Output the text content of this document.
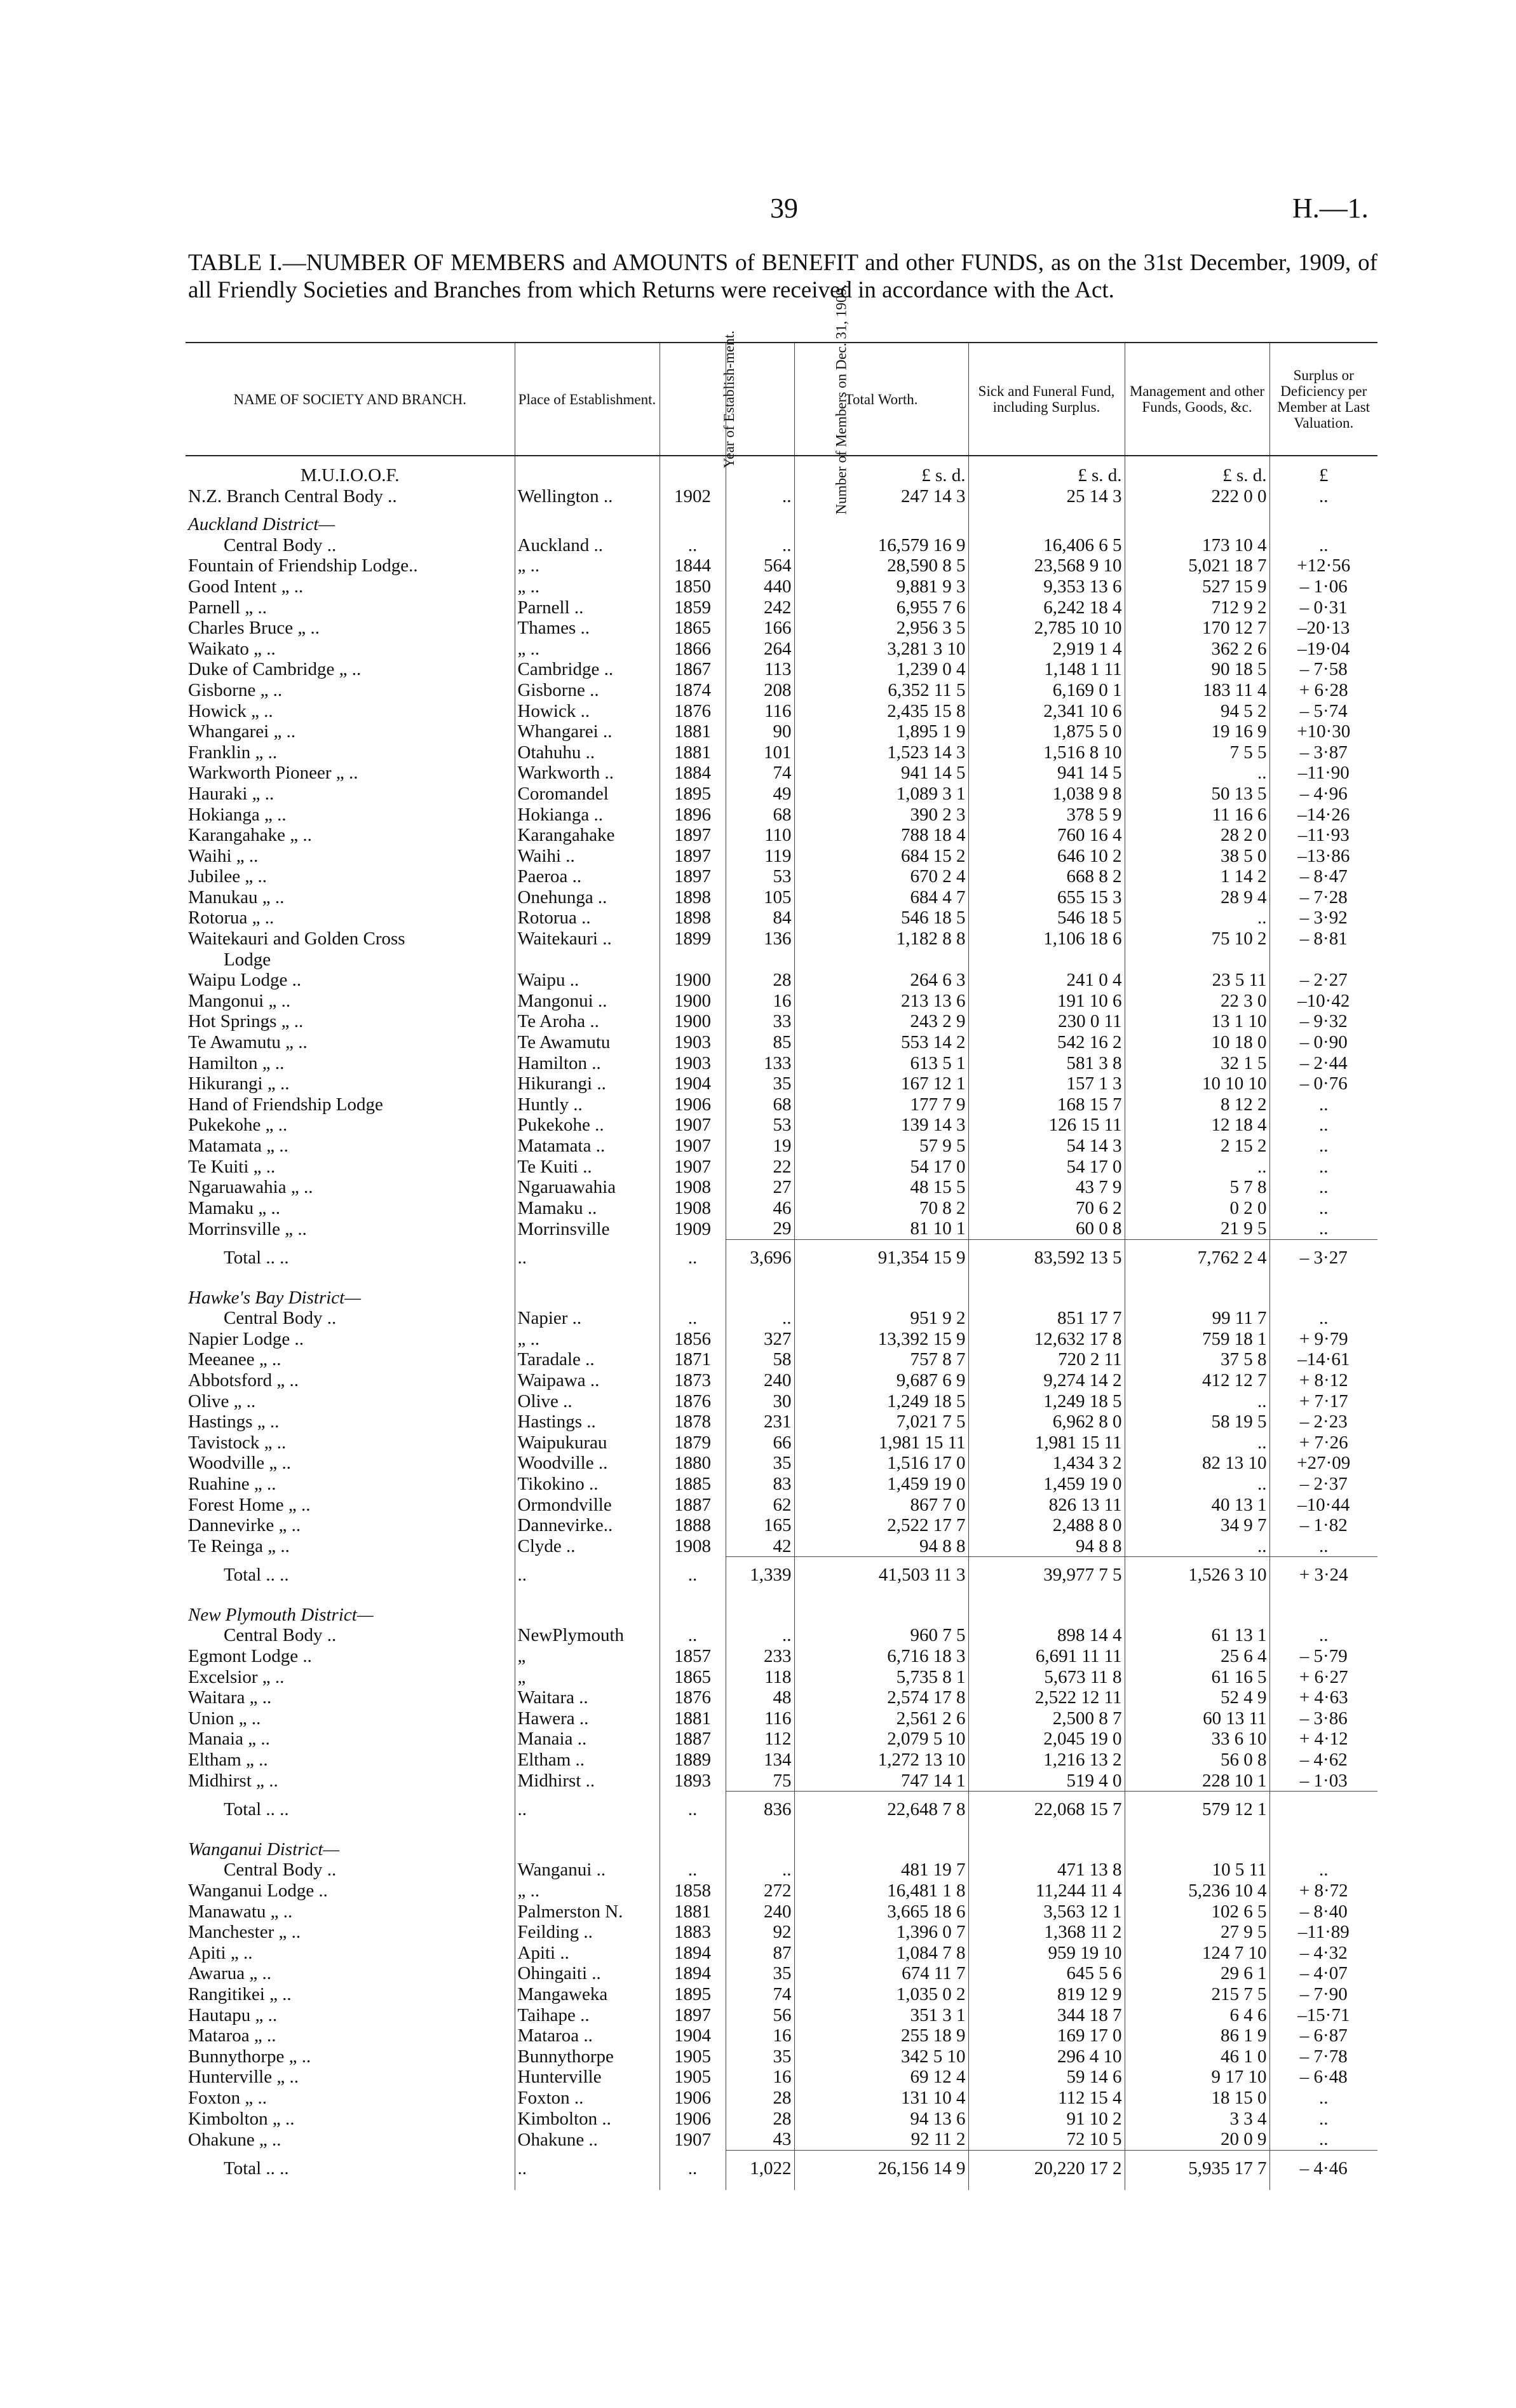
39	H.—1.
TABLE I.—NUMBER OF MEMBERS and AMOUNTS of BENEFIT and other FUNDS, as on the 31st December, 1909, of all Friendly Societies and Branches from which Returns were received in accordance with the Act.
NAME OF SOCIETY AND BRANCH.	Place of Establishment.	Year of Establish-ment.	Number of Members on Dec. 31, 1909.	Total Worth.	Sick and Funeral Fund, including Surplus.	Management and other Funds, Goods, &c.	Surplus or Deficiency per Member at Last Valuation.
M.U.I.O.O.F.				£ s. d.	£ s. d.	£ s. d.	£
N.Z. Branch Central Body ..	Wellington ..	1902	..	247 14 3	25 14 3	222 0 0	..
Auckland District—							
Central Body ..	Auckland ..	..	..	16,579 16 9	16,406 6 5	173 10 4	..
Fountain of Friendship Lodge..	„ ..	1844	564	28,590 8 5	23,568 9 10	5,021 18 7	+12·56
Good Intent „ ..	„ ..	1850	440	9,881 9 3	9,353 13 6	527 15 9	– 1·06
Parnell „ ..	Parnell ..	1859	242	6,955 7 6	6,242 18 4	712 9 2	– 0·31
Charles Bruce „ ..	Thames ..	1865	166	2,956 3 5	2,785 10 10	170 12 7	–20·13
Waikato „ ..	„ ..	1866	264	3,281 3 10	2,919 1 4	362 2 6	–19·04
Duke of Cambridge „ ..	Cambridge ..	1867	113	1,239 0 4	1,148 1 11	90 18 5	– 7·58
Gisborne „ ..	Gisborne ..	1874	208	6,352 11 5	6,169 0 1	183 11 4	+ 6·28
Howick „ ..	Howick ..	1876	116	2,435 15 8	2,341 10 6	94 5 2	– 5·74
Whangarei „ ..	Whangarei ..	1881	90	1,895 1 9	1,875 5 0	19 16 9	+10·30
Franklin „ ..	Otahuhu ..	1881	101	1,523 14 3	1,516 8 10	7 5 5	– 3·87
Warkworth Pioneer „ ..	Warkworth ..	1884	74	941 14 5	941 14 5	..	–11·90
Hauraki „ ..	Coromandel	1895	49	1,089 3 1	1,038 9 8	50 13 5	– 4·96
Hokianga „ ..	Hokianga ..	1896	68	390 2 3	378 5 9	11 16 6	–14·26
Karangahake „ ..	Karangahake	1897	110	788 18 4	760 16 4	28 2 0	–11·93
Waihi „ ..	Waihi ..	1897	119	684 15 2	646 10 2	38 5 0	–13·86
Jubilee „ ..	Paeroa ..	1897	53	670 2 4	668 8 2	1 14 2	– 8·47
Manukau „ ..	Onehunga ..	1898	105	684 4 7	655 15 3	28 9 4	– 7·28
Rotorua „ ..	Rotorua ..	1898	84	546 18 5	546 18 5	..	– 3·92
Waitekauri and Golden Cross	Waitekauri ..	1899	136	1,182 8 8	1,106 18 6	75 10 2	– 8·81
Lodge							
Waipu Lodge ..	Waipu ..	1900	28	264 6 3	241 0 4	23 5 11	– 2·27
Mangonui „ ..	Mangonui ..	1900	16	213 13 6	191 10 6	22 3 0	–10·42
Hot Springs „ ..	Te Aroha ..	1900	33	243 2 9	230 0 11	13 1 10	– 9·32
Te Awamutu „ ..	Te Awamutu	1903	85	553 14 2	542 16 2	10 18 0	– 0·90
Hamilton „ ..	Hamilton ..	1903	133	613 5 1	581 3 8	32 1 5	– 2·44
Hikurangi „ ..	Hikurangi ..	1904	35	167 12 1	157 1 3	10 10 10	– 0·76
Hand of Friendship Lodge	Huntly ..	1906	68	177 7 9	168 15 7	8 12 2	..
Pukekohe „ ..	Pukekohe ..	1907	53	139 14 3	126 15 11	12 18 4	..
Matamata „ ..	Matamata ..	1907	19	57 9 5	54 14 3	2 15 2	..
Te Kuiti „ ..	Te Kuiti ..	1907	22	54 17 0	54 17 0	..	..
Ngaruawahia „ ..	Ngaruawahia	1908	27	48 15 5	43 7 9	5 7 8	..
Mamaku „ ..	Mamaku ..	1908	46	70 8 2	70 6 2	0 2 0	..
Morrinsville „ ..	Morrinsville	1909	29	81 10 1	60 0 8	21 9 5	..
Total .. ..	..	..	3,696	91,354 15 9	83,592 13 5	7,762 2 4	– 3·27

Hawke's Bay District—							
Central Body ..	Napier ..	..	..	951 9 2	851 17 7	99 11 7	..
Napier Lodge ..	„ ..	1856	327	13,392 15 9	12,632 17 8	759 18 1	+ 9·79
Meeanee „ ..	Taradale ..	1871	58	757 8 7	720 2 11	37 5 8	–14·61
Abbotsford „ ..	Waipawa ..	1873	240	9,687 6 9	9,274 14 2	412 12 7	+ 8·12
Olive „ ..	Olive ..	1876	30	1,249 18 5	1,249 18 5	..	+ 7·17
Hastings „ ..	Hastings ..	1878	231	7,021 7 5	6,962 8 0	58 19 5	– 2·23
Tavistock „ ..	Waipukurau	1879	66	1,981 15 11	1,981 15 11	..	+ 7·26
Woodville „ ..	Woodville ..	1880	35	1,516 17 0	1,434 3 2	82 13 10	+27·09
Ruahine „ ..	Tikokino ..	1885	83	1,459 19 0	1,459 19 0	..	– 2·37
Forest Home „ ..	Ormondville	1887	62	867 7 0	826 13 11	40 13 1	–10·44
Dannevirke „ ..	Dannevirke..	1888	165	2,522 17 7	2,488 8 0	34 9 7	– 1·82
Te Reinga „ ..	Clyde ..	1908	42	94 8 8	94 8 8	..	..
Total .. ..	..	..	1,339	41,503 11 3	39,977 7 5	1,526 3 10	+ 3·24

New Plymouth District—							
Central Body ..	NewPlymouth	..	..	960 7 5	898 14 4	61 13 1	..
Egmont Lodge ..	„	1857	233	6,716 18 3	6,691 11 11	25 6 4	– 5·79
Excelsior „ ..	„	1865	118	5,735 8 1	5,673 11 8	61 16 5	+ 6·27
Waitara „ ..	Waitara ..	1876	48	2,574 17 8	2,522 12 11	52 4 9	+ 4·63
Union „ ..	Hawera ..	1881	116	2,561 2 6	2,500 8 7	60 13 11	– 3·86
Manaia „ ..	Manaia ..	1887	112	2,079 5 10	2,045 19 0	33 6 10	+ 4·12
Eltham „ ..	Eltham ..	1889	134	1,272 13 10	1,216 13 2	56 0 8	– 4·62
Midhirst „ ..	Midhirst ..	1893	75	747 14 1	519 4 0	228 10 1	– 1·03
Total .. ..	..	..	836	22,648 7 8	22,068 15 7	579 12 1	

Wanganui District—							
Central Body ..	Wanganui ..	..	..	481 19 7	471 13 8	10 5 11	..
Wanganui Lodge ..	„ ..	1858	272	16,481 1 8	11,244 11 4	5,236 10 4	+ 8·72
Manawatu „ ..	Palmerston N.	1881	240	3,665 18 6	3,563 12 1	102 6 5	– 8·40
Manchester „ ..	Feilding ..	1883	92	1,396 0 7	1,368 11 2	27 9 5	–11·89
Apiti „ ..	Apiti ..	1894	87	1,084 7 8	959 19 10	124 7 10	– 4·32
Awarua „ ..	Ohingaiti ..	1894	35	674 11 7	645 5 6	29 6 1	– 4·07
Rangitikei „ ..	Mangaweka	1895	74	1,035 0 2	819 12 9	215 7 5	– 7·90
Hautapu „ ..	Taihape ..	1897	56	351 3 1	344 18 7	6 4 6	–15·71
Mataroa „ ..	Mataroa ..	1904	16	255 18 9	169 17 0	86 1 9	– 6·87
Bunnythorpe „ ..	Bunnythorpe	1905	35	342 5 10	296 4 10	46 1 0	– 7·78
Hunterville „ ..	Hunterville	1905	16	69 12 4	59 14 6	9 17 10	– 6·48
Foxton „ ..	Foxton ..	1906	28	131 10 4	112 15 4	18 15 0	..
Kimbolton „ ..	Kimbolton ..	1906	28	94 13 6	91 10 2	3 3 4	..
Ohakune „ ..	Ohakune ..	1907	43	92 11 2	72 10 5	20 0 9	..
Total .. ..	..	..	1,022	26,156 14 9	20,220 17 2	5,935 17 7	– 4·46
